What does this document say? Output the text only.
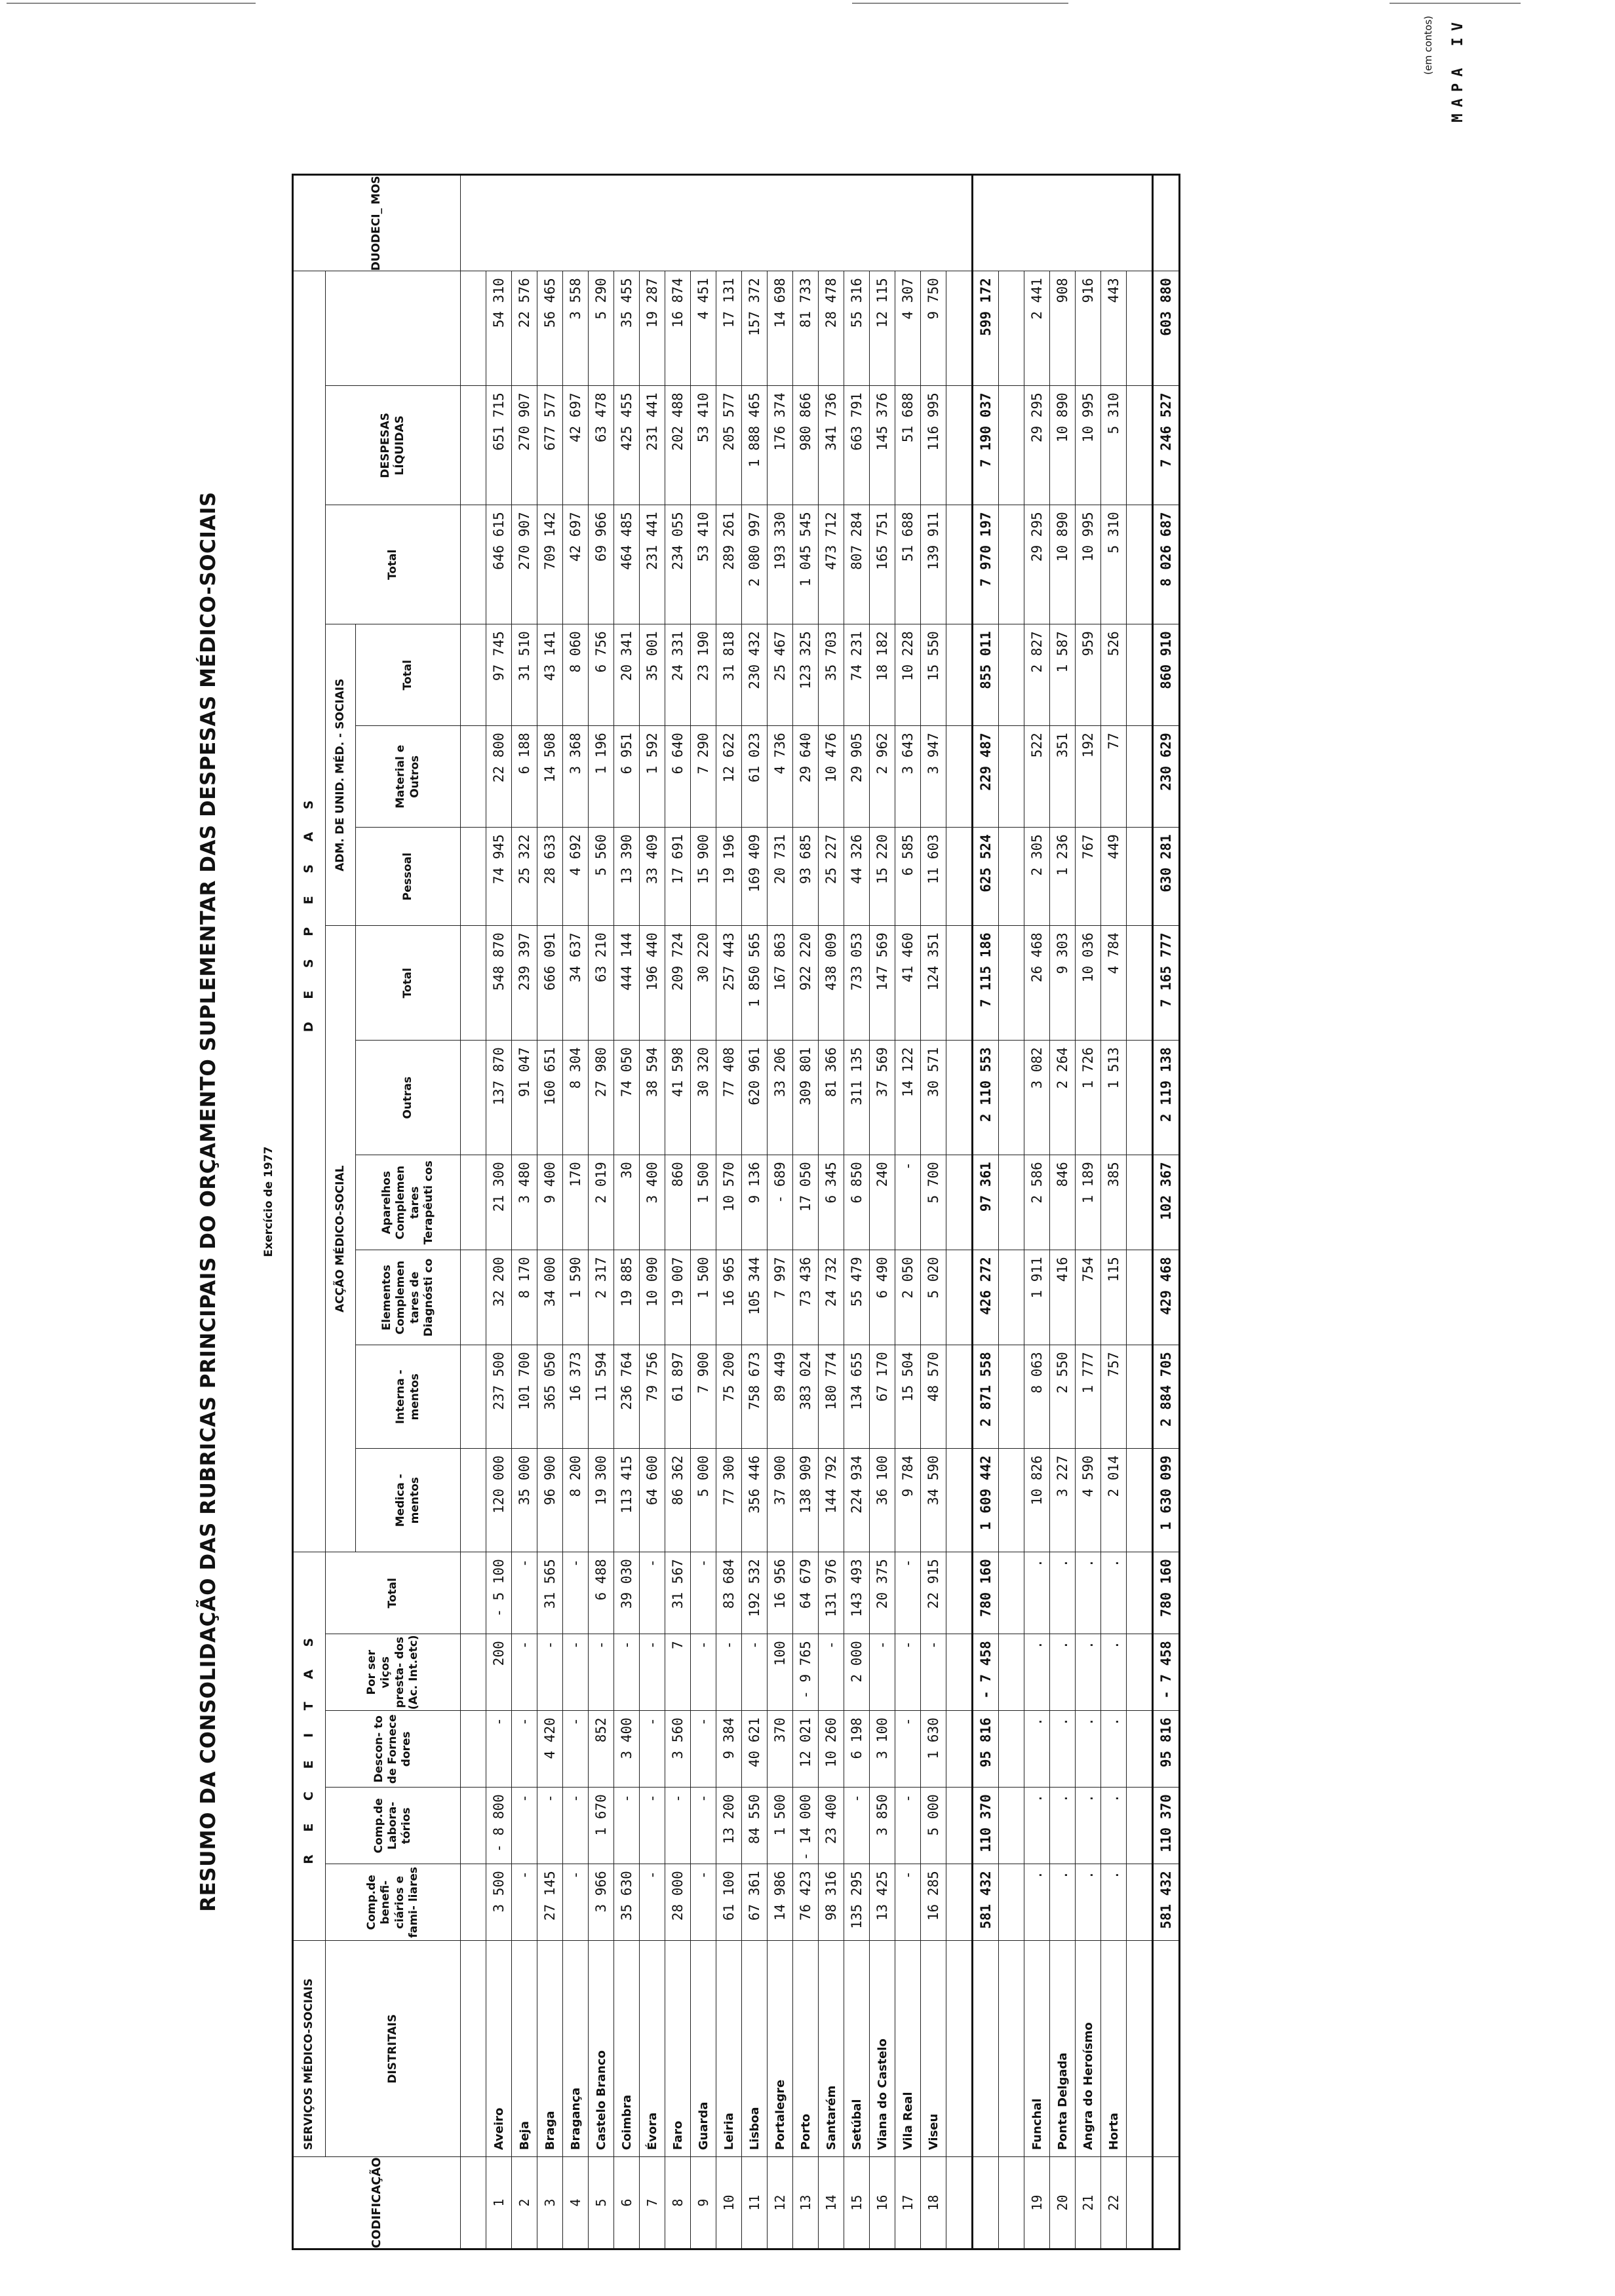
(em contos) MAPA IV
RESUMO DA CONSOLIDAÇÃO DAS RUBRICAS PRINCIPAIS DO ORÇAMENTO SUPLEMENTAR DAS DESPESAS MÉDICO-SOCIAIS	Exercício de 1977
CODIFICAÇÃO	SERVIÇOS MÉDICO-SOCIAIS	R E C E I T A S					D E S P E S A S												DUODECI_ MOS
	DISTRITAIS	Comp.de benefi- ciários e fami- liares	Comp.de Labora- tórios	Descon- to de Fornece dores	Por ser viços presta- dos (Ac. Int.etc)	Total	ACÇÃO MÉDICO-SOCIAL						ADM. DE UNID. MÉD. - SOCIAIS			Total	DESPESAS LÍQUIDAS		
							Medica - mentos	Interna - mentos	Elementos Complemen tares de Diagnósti co	Aparelhos Complemen tares Terapêuti cos	Outras	Total	Pessoal	Material e Outros	Total				

1	Aveiro	3 500	- 8 800	-	200	- 5 100	120 000	237 500	32 200	21 300	137 870	548 870	74 945	22 800	97 745	646 615	651 715	54 310	
2	Beja	-	-	-	-	-	35 000	101 700	8 170	3 480	91 047	239 397	25 322	6 188	31 510	270 907	270 907	22 576	
3	Braga	27 145	-	4 420	-	31 565	96 900	365 050	34 000	9 400	160 651	666 091	28 633	14 508	43 141	709 142	677 577	56 465	
4	Bragança	-	-	-	-	-	8 200	16 373	1 590	170	8 304	34 637	4 692	3 368	8 060	42 697	42 697	3 558	
5	Castelo Branco	3 966	1 670	852	-	6 488	19 300	11 594	2 317	2 019	27 980	63 210	5 560	1 196	6 756	69 966	63 478	5 290	
6	Coimbra	35 630	-	3 400	-	39 030	113 415	236 764	19 885	30	74 050	444 144	13 390	6 951	20 341	464 485	425 455	35 455	
7	Évora	-	-	-	-	-	64 600	79 756	10 090	3 400	38 594	196 440	33 409	1 592	35 001	231 441	231 441	19 287	
8	Faro	28 000	-	3 560	7	31 567	86 362	61 897	19 007	860	41 598	209 724	17 691	6 640	24 331	234 055	202 488	16 874	
9	Guarda	-	-	-	-	-	5 000	7 900	1 500	1 500	30 320	30 220	15 900	7 290	23 190	53 410	53 410	4 451	
10	Leiria	61 100	13 200	9 384	-	83 684	77 300	75 200	16 965	10 570	77 408	257 443	19 196	12 622	31 818	289 261	205 577	17 131	
11	Lisboa	67 361	84 550	40 621	-	192 532	356 446	758 673	105 344	9 136	620 961	1 850 565	169 409	61 023	230 432	2 080 997	1 888 465	157 372	
12	Portalegre	14 986	1 500	370	100	16 956	37 900	89 449	7 997	- 689	33 206	167 863	20 731	4 736	25 467	193 330	176 374	14 698	
13	Porto	76 423	- 14 000	12 021	- 9 765	64 679	138 909	383 024	73 436	17 050	309 801	922 220	93 685	29 640	123 325	1 045 545	980 866	81 733	
14	Santarém	98 316	23 400	10 260	-	131 976	144 792	180 774	24 732	6 345	81 366	438 009	25 227	10 476	35 703	473 712	341 736	28 478	
15	Setúbal	135 295	-	6 198	2 000	143 493	224 934	134 655	55 479	6 850	311 135	733 053	44 326	29 905	74 231	807 284	663 791	55 316	
16	Viana do Castelo	13 425	3 850	3 100	-	20 375	36 100	67 170	6 490	240	37 569	147 569	15 220	2 962	18 182	165 751	145 376	12 115	
17	Vila Real	-	-	-	-	-	9 784	15 504	2 050	-	14 122	41 460	6 585	3 643	10 228	51 688	51 688	4 307	
18	Viseu	16 285	5 000	1 630	-	22 915	34 590	48 570	5 020	5 700	30 571	124 351	11 603	3 947	15 550	139 911	116 995	9 750	

		581 432	110 370	95 816	- 7 458	780 160	1 609 442	2 871 558	426 272	97 361	2 110 553	7 115 186	625 524	229 487	855 011	7 970 197	7 190 037	599 172	

19	Funchal	.	.	.	.	.	10 826	8 063	1 911	2 586	3 082	26 468	2 305	522	2 827	29 295	29 295	2 441	
20	Ponta Delgada	.	.	.	.	.	3 227	2 550	416	846	2 264	9 303	1 236	351	1 587	10 890	10 890	908	
21	Angra do Heroísmo	.	.	.	.	.	4 590	1 777	754	1 189	1 726	10 036	767	192	959	10 995	10 995	916	
22	Horta	.	.	.	.	.	2 014	757	115	385	1 513	4 784	449	77	526	5 310	5 310	443	

		581 432	110 370	95 816	- 7 458	780 160	1 630 099	2 884 705	429 468	102 367	2 119 138	7 165 777	630 281	230 629	860 910	8 026 687	7 246 527	603 880	
